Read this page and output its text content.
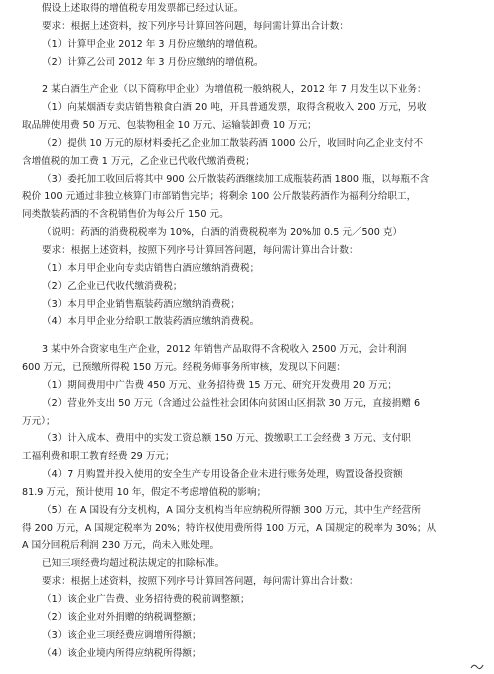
假设上述取得的增值税专用发票都已经过认证。

要求：根据上述资料，按下列序号计算回答问题，每问需计算出合计数：

（1）计算甲企业 2012 年 3 月份应缴纳的增值税。

（2）计算乙公司 2012 年 3 月份应缴纳的增值税。

2 某白酒生产企业（以下简称甲企业）为增值税一般纳税人，2012 年 7 月发生以下业务：

（1）向某烟酒专卖店销售粮食白酒 20 吨，开具普通发票，取得含税收入 200 万元，另收

取品牌使用费 50 万元、包装物租金 10 万元、运输装卸费 10 万元；

（2）提供 10 万元的原材料委托乙企业加工散装药酒 1000 公斤，收回时向乙企业支付不

含增值税的加工费 1 万元，乙企业已代收代缴消费税；

（3）委托加工收回后将其中 900 公斤散装药酒继续加工成瓶装药酒 1800 瓶，以每瓶不含

税价 100 元通过非独立核算门市部销售完毕；将剩余 100 公斤散装药酒作为福利分给职工，

同类散装药酒的不含税销售价为每公斤 150 元。

（说明：药酒的消费税税率为 10%，白酒的消费税税率为 20%加 0.5 元／500 克）

要求：根据上述资料，按照下列序号计算回答问题，每问需计算出合计数：

（1）本月甲企业向专卖店销售白酒应缴纳消费税；

（2）乙企业已代收代缴消费税；

（3）本月甲企业销售瓶装药酒应缴纳消费税；

（4）本月甲企业分给职工散装药酒应缴纳消费税。

3 某中外合资家电生产企业，2012 年销售产品取得不含税收入 2500 万元，会计利润

600 万元，已预缴所得税 150 万元。经税务师事务所审核，发现以下问题：

（1）期间费用中广告费 450 万元、业务招待费 15 万元、研究开发费用 20 万元；

（2）营业外支出 50 万元（含通过公益性社会团体向贫困山区捐款 30 万元，直接捐赠 6

万元）；

（3）计入成本、费用中的实发工资总额 150 万元、拨缴职工工会经费 3 万元、支付职

工福利费和职工教育经费 29 万元；

（4）7 月购置并投入使用的安全生产专用设备企业未进行账务处理，购置设备投资额

81.9 万元，预计使用 10 年，假定不考虑增值税的影响；

（5）在 A 国设有分支机构，A 国分支机构当年应纳税所得额 300 万元，其中生产经营所

得 200 万元，A 国规定税率为 20%；特许权使用费所得 100 万元，A 国规定的税率为 30%；从

A 国分回税后利润 230 万元，尚未入账处理。

已知三项经费均超过税法规定的扣除标准。

要求：根据上述资料，按照下列序号计算回答问题，每问需计算出合计数：

（1）该企业广告费、业务招待费的税前调整额；

（2）该企业对外捐赠的纳税调整额；

（3）该企业三项经费应调增所得额；

（4）该企业境内所得应纳税所得额；
